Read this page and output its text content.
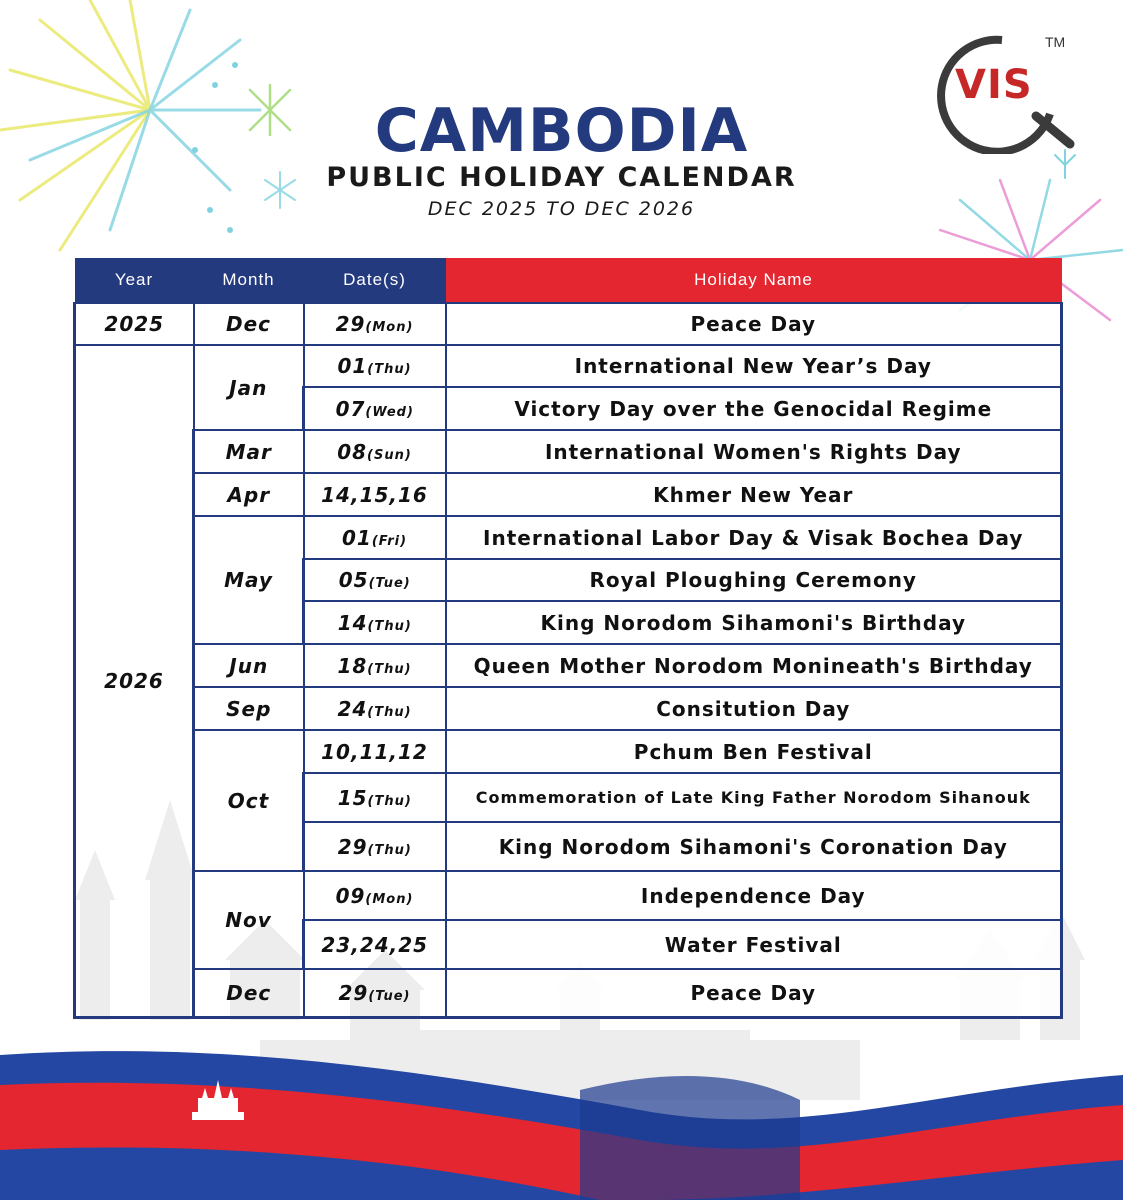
VIS
TM
CAMBODIA
PUBLIC HOLIDAY CALENDAR
DEC 2025 TO DEC 2026
Year	Month	Date(s)	Holiday Name
2025	Dec	29(Mon)	Peace Day
2026	Jan	01(Thu)	International New Year’s Day
		07(Wed)	Victory Day over the Genocidal Regime
	Mar	08(Sun)	International Women's Rights Day
	Apr	14,15,16	Khmer New Year
	May	01(Fri)	International Labor Day & Visak Bochea Day
		05(Tue)	Royal Ploughing Ceremony
		14(Thu)	King Norodom Sihamoni's Birthday
	Jun	18(Thu)	Queen Mother Norodom Monineath's Birthday
	Sep	24(Thu)	Consitution Day
	Oct	10,11,12	Pchum Ben Festival
		15(Thu)	Commemoration of Late King Father Norodom Sihanouk
		29(Thu)	King Norodom Sihamoni's Coronation Day
	Nov	09(Mon)	Independence Day
		23,24,25	Water Festival
	Dec	29(Tue)	Peace Day
